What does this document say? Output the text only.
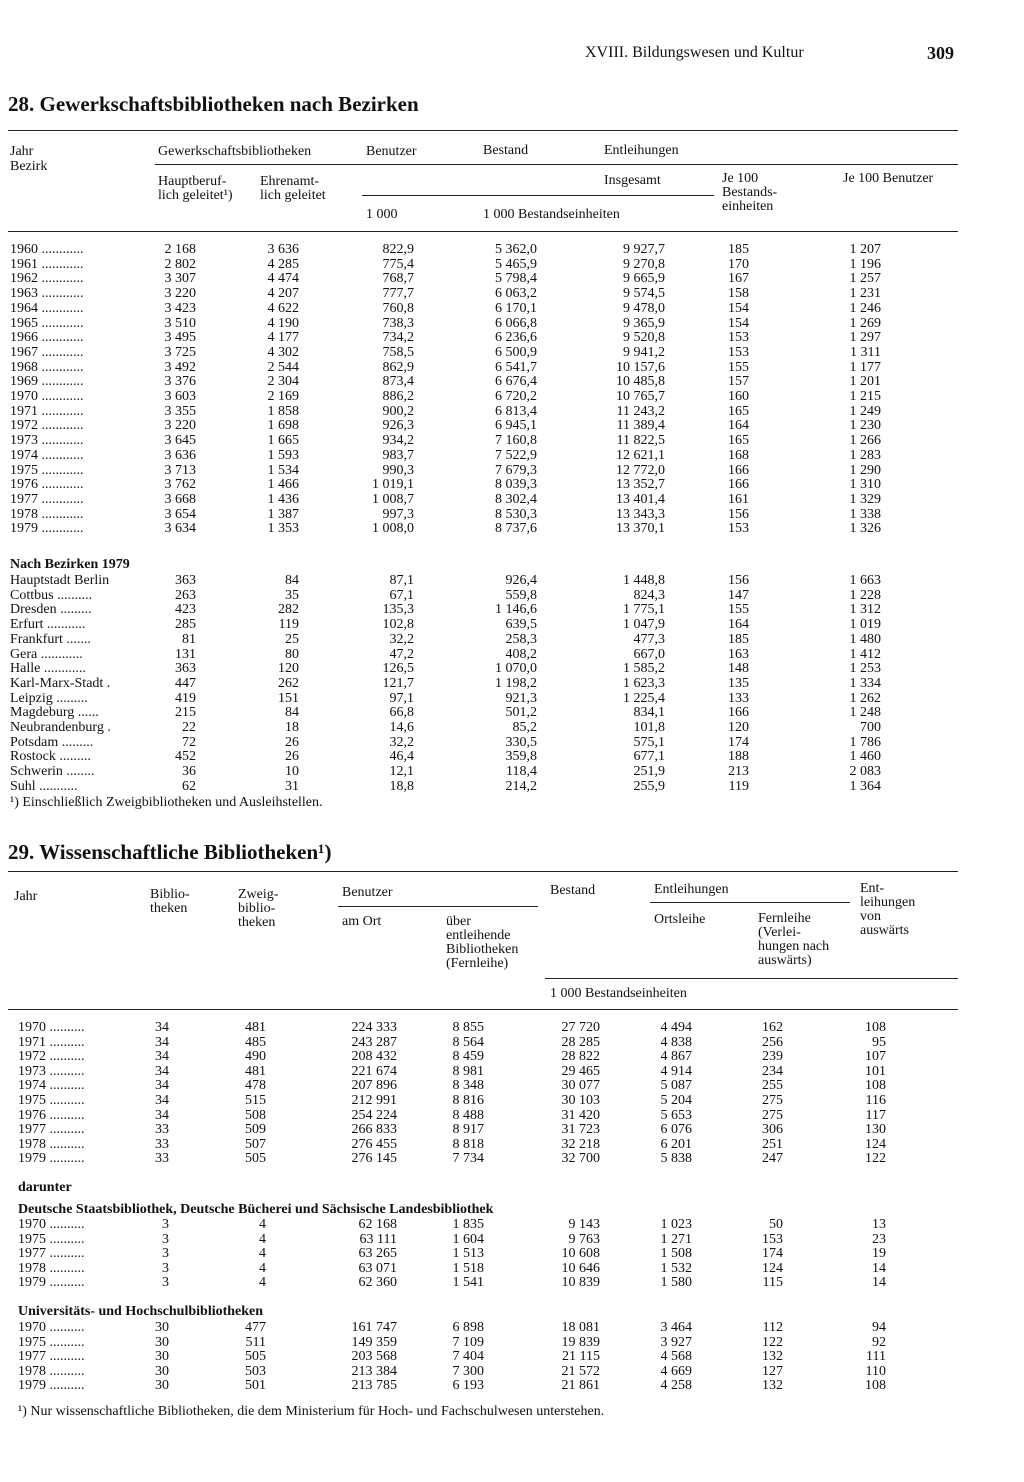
XVIII. Bildungswesen und Kultur	309
28. Gewerkschaftsbibliotheken nach Bezirken
Jahr
Bezirk
Gewerkschaftsbibliotheken	Benutzer	Bestand	Entleihungen
Hauptberuf-
lich geleitet¹)
Ehrenamt-
lich geleitet
Insgesamt	Je 100
Bestands-
einheiten
Je 100 Benutzer
1 000	1 000 Bestandseinheiten
1960 ............	2 168	3 636	822,9	5 362,0	9 927,7	185	1 207
1961 ............	2 802	4 285	775,4	5 465,9	9 270,8	170	1 196
1962 ............	3 307	4 474	768,7	5 798,4	9 665,9	167	1 257
1963 ............	3 220	4 207	777,7	6 063,2	9 574,5	158	1 231
1964 ............	3 423	4 622	760,8	6 170,1	9 478,0	154	1 246
1965 ............	3 510	4 190	738,3	6 066,8	9 365,9	154	1 269
1966 ............	3 495	4 177	734,2	6 236,6	9 520,8	153	1 297
1967 ............	3 725	4 302	758,5	6 500,9	9 941,2	153	1 311
1968 ............	3 492	2 544	862,9	6 541,7	10 157,6	155	1 177
1969 ............	3 376	2 304	873,4	6 676,4	10 485,8	157	1 201
1970 ............	3 603	2 169	886,2	6 720,2	10 765,7	160	1 215
1971 ............	3 355	1 858	900,2	6 813,4	11 243,2	165	1 249
1972 ............	3 220	1 698	926,3	6 945,1	11 389,4	164	1 230
1973 ............	3 645	1 665	934,2	7 160,8	11 822,5	165	1 266
1974 ............	3 636	1 593	983,7	7 522,9	12 621,1	168	1 283
1975 ............	3 713	1 534	990,3	7 679,3	12 772,0	166	1 290
1976 ............	3 762	1 466	1 019,1	8 039,3	13 352,7	166	1 310
1977 ............	3 668	1 436	1 008,7	8 302,4	13 401,4	161	1 329
1978 ............	3 654	1 387	997,3	8 530,3	13 343,3	156	1 338
1979 ............	3 634	1 353	1 008,0	8 737,6	13 370,1	153	1 326
Nach Bezirken 1979
Hauptstadt Berlin	363	84	87,1	926,4	1 448,8	156	1 663
Cottbus ..........	263	35	67,1	559,8	824,3	147	1 228
Dresden .........	423	282	135,3	1 146,6	1 775,1	155	1 312
Erfurt ...........	285	119	102,8	639,5	1 047,9	164	1 019
Frankfurt .......	81	25	32,2	258,3	477,3	185	1 480
Gera ............	131	80	47,2	408,2	667,0	163	1 412
Halle ............	363	120	126,5	1 070,0	1 585,2	148	1 253
Karl-Marx-Stadt .	447	262	121,7	1 198,2	1 623,3	135	1 334
Leipzig .........	419	151	97,1	921,3	1 225,4	133	1 262
Magdeburg ......	215	84	66,8	501,2	834,1	166	1 248
Neubrandenburg .	22	18	14,6	85,2	101,8	120	700
Potsdam .........	72	26	32,2	330,5	575,1	174	1 786
Rostock .........	452	26	46,4	359,8	677,1	188	1 460
Schwerin ........	36	10	12,1	118,4	251,9	213	2 083
Suhl ...........	62	31	18,8	214,2	255,9	119	1 364
¹) Einschließlich Zweigbibliotheken und Ausleihstellen.
29. Wissenschaftliche Bibliotheken¹)
Jahr	Biblio-
theken
Zweig-
biblio-
theken
Benutzer
am Ort	über
entleihende
Bibliotheken
(Fernleihe)
Bestand	Entleihungen
Ortsleihe	Fernleihe
(Verlei-
hungen nach
auswärts)
Ent-
leihungen
von
auswärts
1 000 Bestandseinheiten
1970 ..........	34	481	224 333	8 855	27 720	4 494	162	108
1971 ..........	34	485	243 287	8 564	28 285	4 838	256	95
1972 ..........	34	490	208 432	8 459	28 822	4 867	239	107
1973 ..........	34	481	221 674	8 981	29 465	4 914	234	101
1974 ..........	34	478	207 896	8 348	30 077	5 087	255	108
1975 ..........	34	515	212 991	8 816	30 103	5 204	275	116
1976 ..........	34	508	254 224	8 488	31 420	5 653	275	117
1977 ..........	33	509	266 833	8 917	31 723	6 076	306	130
1978 ..........	33	507	276 455	8 818	32 218	6 201	251	124
1979 ..........	33	505	276 145	7 734	32 700	5 838	247	122
darunter
Deutsche Staatsbibliothek, Deutsche Bücherei und Sächsische Landesbibliothek
1970 ..........	3	4	62 168	1 835	9 143	1 023	50	13
1975 ..........	3	4	63 111	1 604	9 763	1 271	153	23
1977 ..........	3	4	63 265	1 513	10 608	1 508	174	19
1978 ..........	3	4	63 071	1 518	10 646	1 532	124	14
1979 ..........	3	4	62 360	1 541	10 839	1 580	115	14
Universitäts- und Hochschulbibliotheken
1970 ..........	30	477	161 747	6 898	18 081	3 464	112	94
1975 ..........	30	511	149 359	7 109	19 839	3 927	122	92
1977 ..........	30	505	203 568	7 404	21 115	4 568	132	111
1978 ..........	30	503	213 384	7 300	21 572	4 669	127	110
1979 ..........	30	501	213 785	6 193	21 861	4 258	132	108
¹) Nur wissenschaftliche Bibliotheken, die dem Ministerium für Hoch- und Fachschulwesen unterstehen.
